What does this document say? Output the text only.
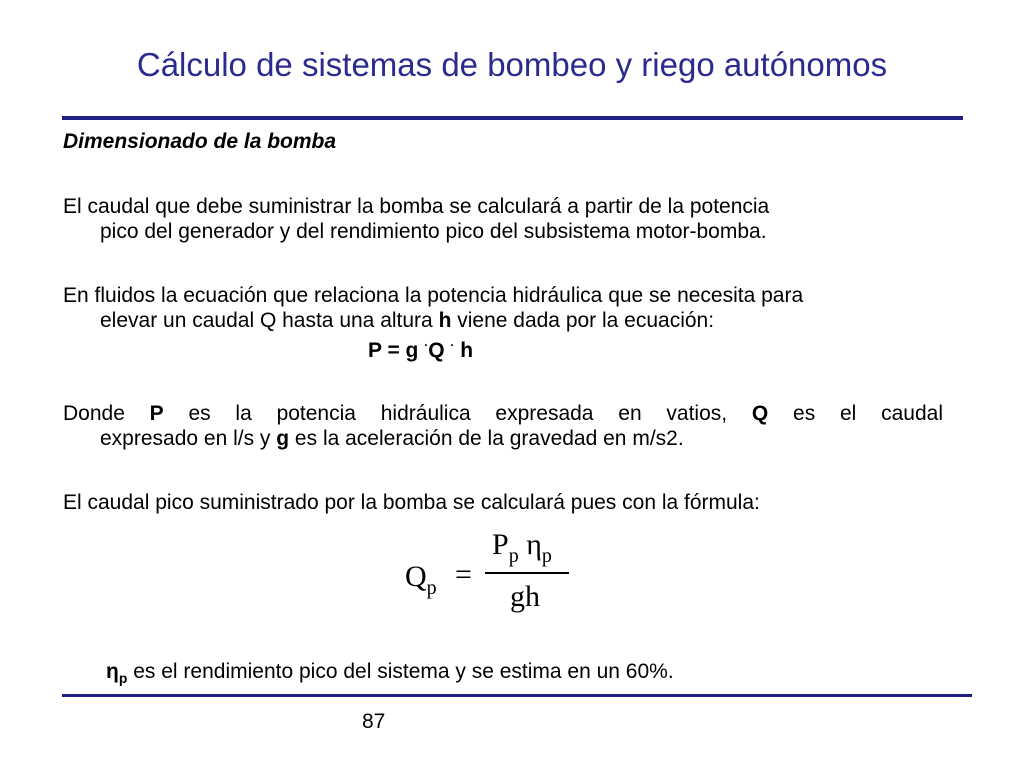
Cálculo de sistemas de bombeo y riego autónomos
Dimensionado de la bomba
El caudal que debe suministrar la bomba se calculará a partir de la potencia
pico del generador y del rendimiento pico del subsistema motor-bomba.
En fluidos la ecuación que relaciona la potencia hidráulica que se necesita para
elevar un caudal Q hasta una altura h viene dada por la ecuación:
P = g ·Q · h
Donde P es la potencia hidráulica expresada en vatios, Q es el caudal
expresado en l/s y g es la aceleración de la gravedad en m/s2.
El caudal pico suministrado por la bomba se calculará pues con la fórmula:
$Q_p$ =
$P_p$ $\eta_p$
gh
$\eta_p$ es el rendimiento pico del sistema y se estima en un 60%.
87
